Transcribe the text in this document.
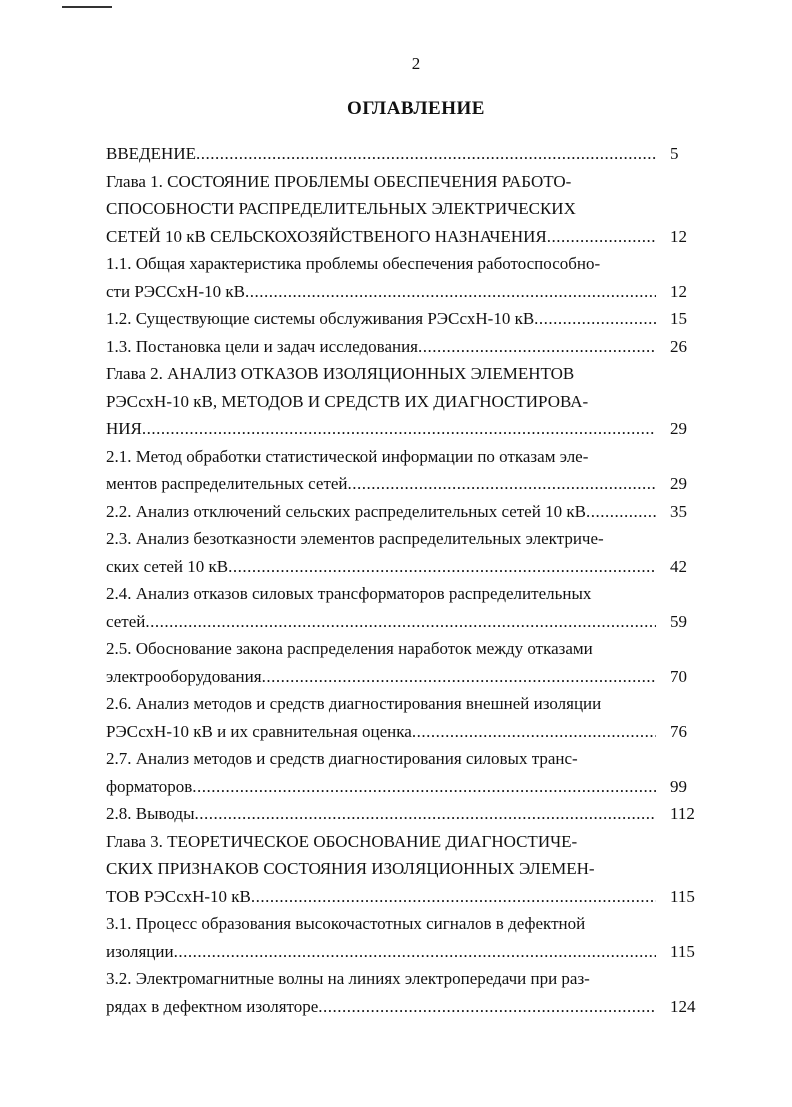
2
ОГЛАВЛЕНИЕ
ВВЕДЕНИЕ .....	5
Глава 1. СОСТОЯНИЕ ПРОБЛЕМЫ ОБЕСПЕЧЕНИЯ РАБОТО-
СПОСОБНОСТИ РАСПРЕДЕЛИТЕЛЬНЫХ ЭЛЕКТРИЧЕСКИХ
СЕТЕЙ 10 кВ СЕЛЬСКОХОЗЯЙСТВЕНОГО НАЗНАЧЕНИЯ .....	12
1.1. Общая характеристика проблемы обеспечения работоспособно-
сти РЭССхН-10 кВ .....	12
1.2. Существующие системы обслуживания РЭСсхН-10 кВ .....	15
1.3. Постановка цели и задач исследования .....	26
Глава 2. АНАЛИЗ ОТКАЗОВ ИЗОЛЯЦИОННЫХ ЭЛЕМЕНТОВ
РЭСсхН-10 кВ, МЕТОДОВ И СРЕДСТВ ИХ ДИАГНОСТИРОВА-
НИЯ .....	29
2.1. Метод обработки статистической информации по отказам эле-
ментов распределительных сетей .....	29
2.2. Анализ отключений сельских распределительных сетей 10 кВ .....	35
2.3. Анализ безотказности элементов распределительных электриче-
ских сетей 10 кВ .....	42
2.4. Анализ отказов силовых трансформаторов распределительных
сетей .....	59
2.5. Обоснование закона распределения наработок между отказами
электрооборудования .....	70
2.6. Анализ методов и средств диагностирования внешней изоляции
РЭСсхН-10 кВ и их сравнительная оценка .....	76
2.7. Анализ методов и средств диагностирования силовых транс-
форматоров .....	99
2.8. Выводы .....	112
Глава 3. ТЕОРЕТИЧЕСКОЕ ОБОСНОВАНИЕ ДИАГНОСТИЧЕ-
СКИХ ПРИЗНАКОВ СОСТОЯНИЯ ИЗОЛЯЦИОННЫХ ЭЛЕМЕН-
ТОВ РЭСсхН-10 кВ .....	115
3.1. Процесс образования высокочастотных сигналов в дефектной
изоляции .....	115
3.2. Электромагнитные волны на линиях электропередачи при раз-
рядах в дефектном изоляторе .....	124
